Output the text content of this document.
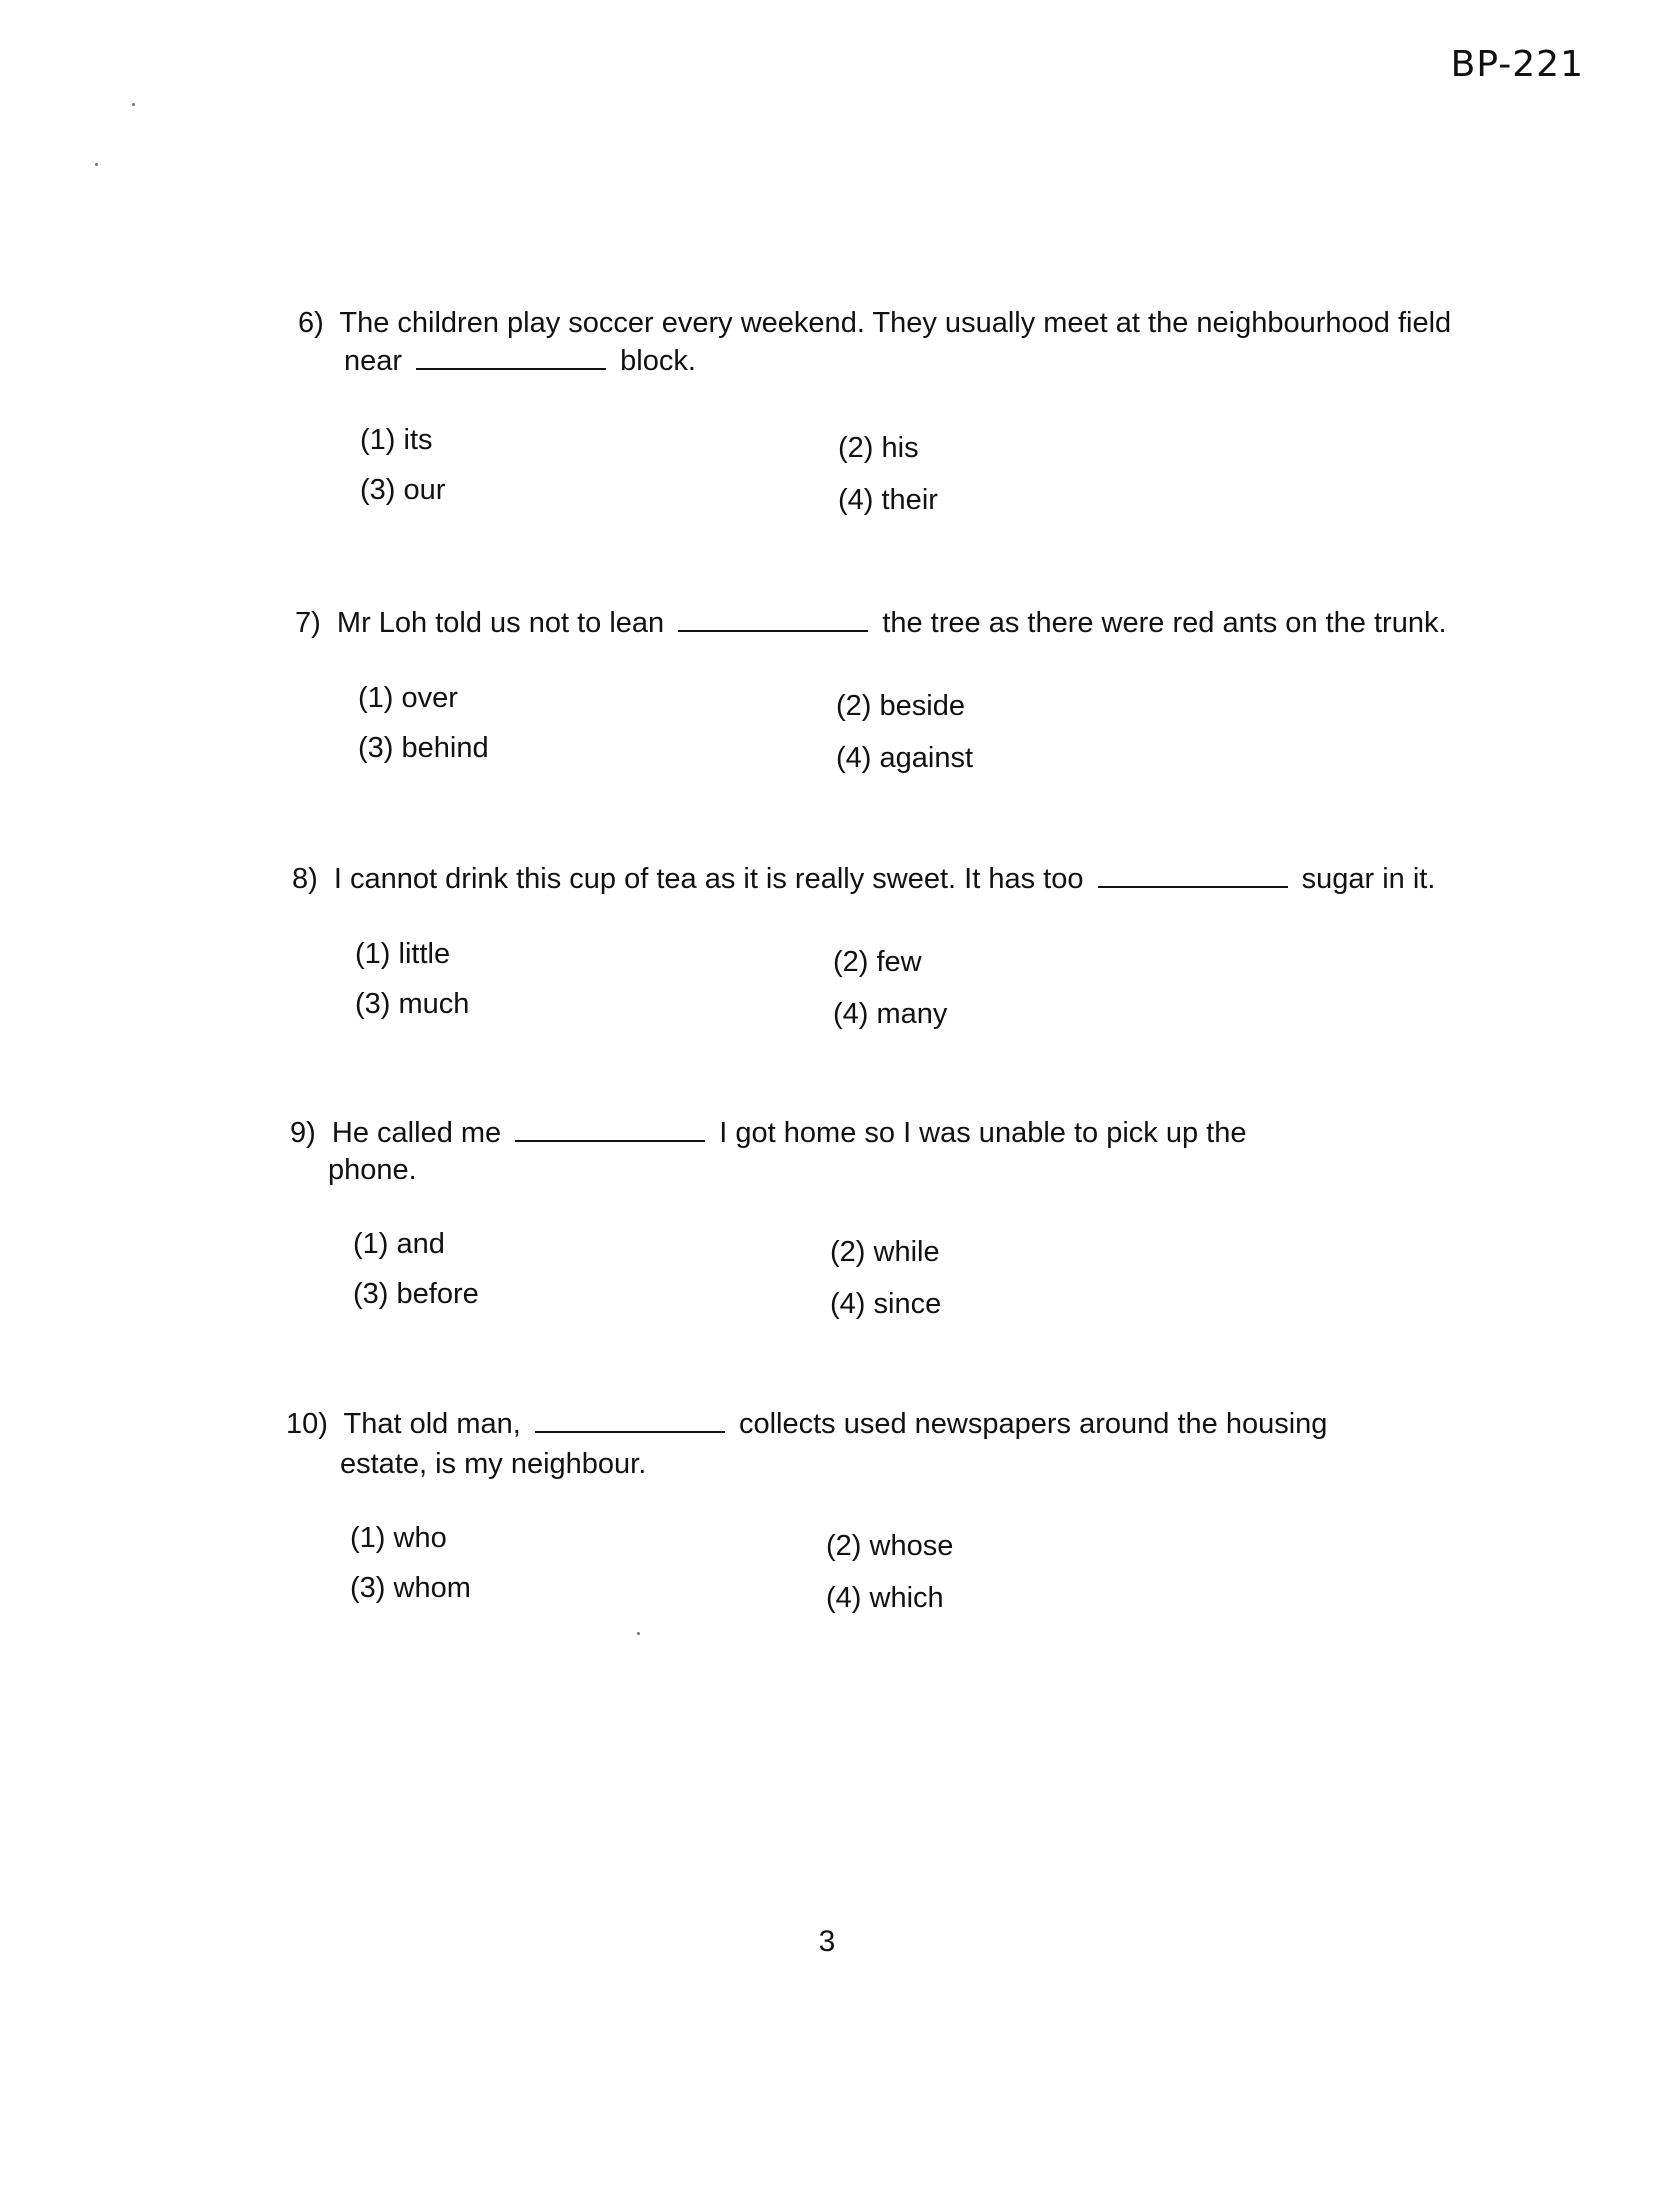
BP-221
6) The children play soccer every weekend. They usually meet at the neighbourhood field
near	block.
(1) its	(2) his
(3) our	(4) their
7) Mr Loh told us not to lean	the tree as there were red ants on the trunk.
(1) over	(2) beside
(3) behind	(4) against
8) I cannot drink this cup of tea as it is really sweet. It has too	sugar in it.
(1) little	(2) few
(3) much	(4) many
9) He called me	I got home so I was unable to pick up the
phone.
(1) and	(2) while
(3) before	(4) since
10) That old man,	collects used newspapers around the housing
estate, is my neighbour.
(1) who	(2) whose
(3) whom	(4) which
3
